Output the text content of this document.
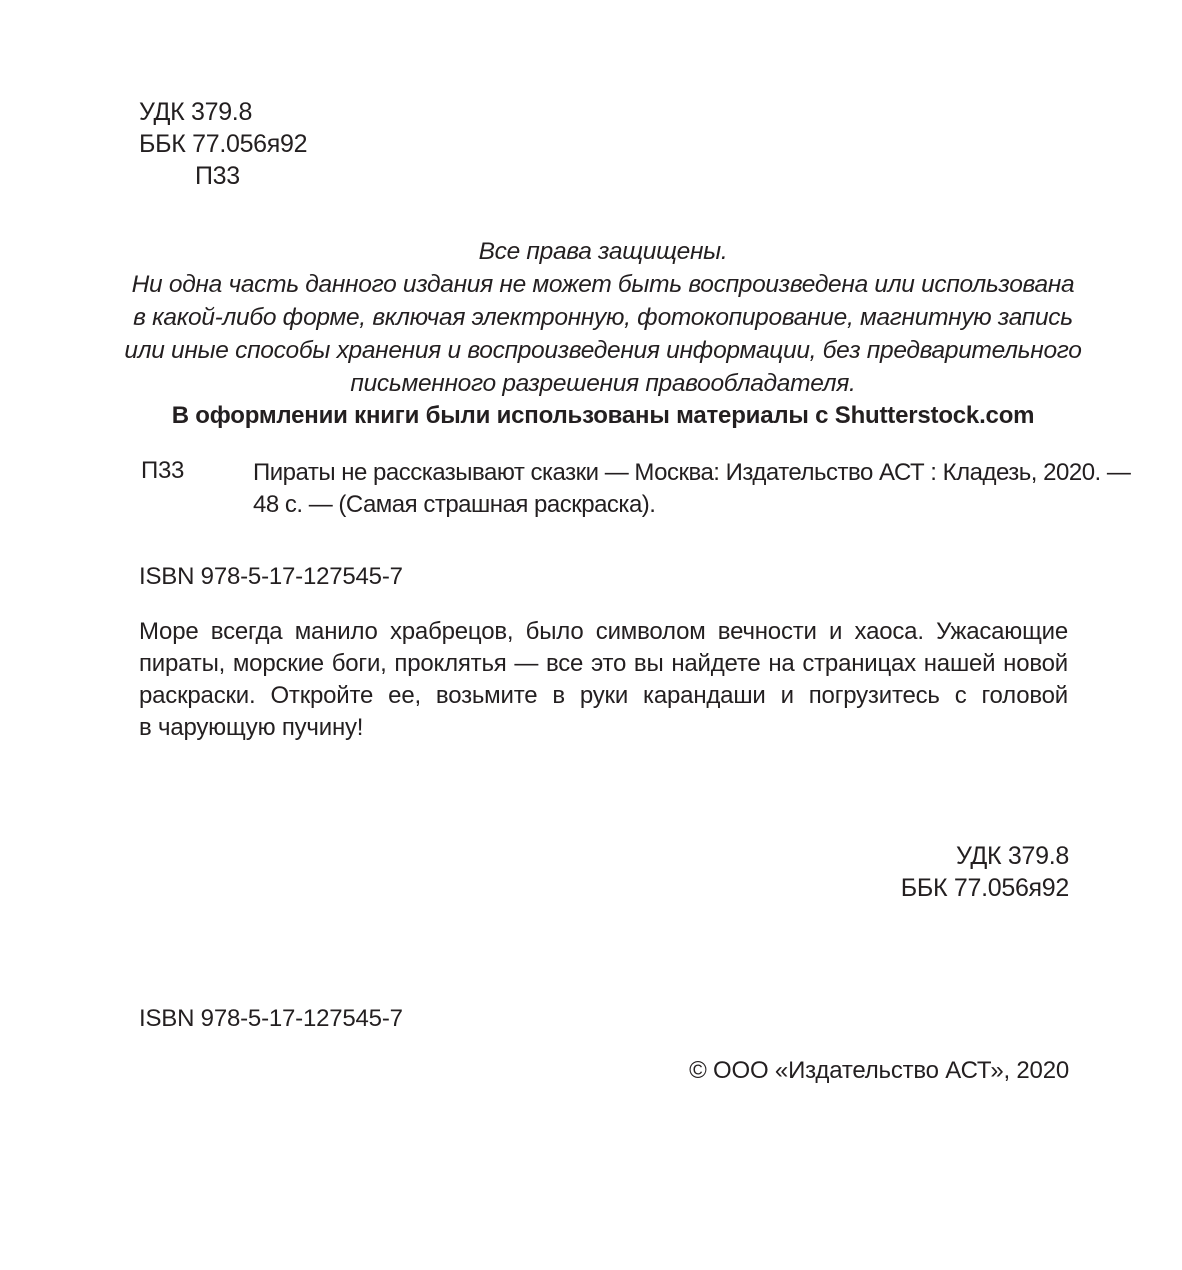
УДК 379.8
ББК 77.056я92
П33
Все права защищены.
Ни одна часть данного издания не может быть воспроизведена или использована
в какой-либо форме, включая электронную, фотокопирование, магнитную запись
или иные способы хранения и воспроизведения информации, без предварительного
письменного разрешения правообладателя.
В оформлении книги были использованы материалы с Shutterstock.com
П33	Пираты не рассказывают сказки — Москва: Издательство АСТ : Кладезь, 2020. —
48 с. — (Самая страшная раскраска).
ISBN 978-5-17-127545-7
Море всегда манило храбрецов, было символом вечности и хаоса. Ужасающие
пираты, морские боги, проклятья — все это вы найдете на страницах нашей новой
раскраски. Откройте ее, возьмите в руки карандаши и погрузитесь с головой
в чарующую пучину!
УДК 379.8
ББК 77.056я92
ISBN 978-5-17-127545-7
© ООО «Издательство АСТ», 2020
